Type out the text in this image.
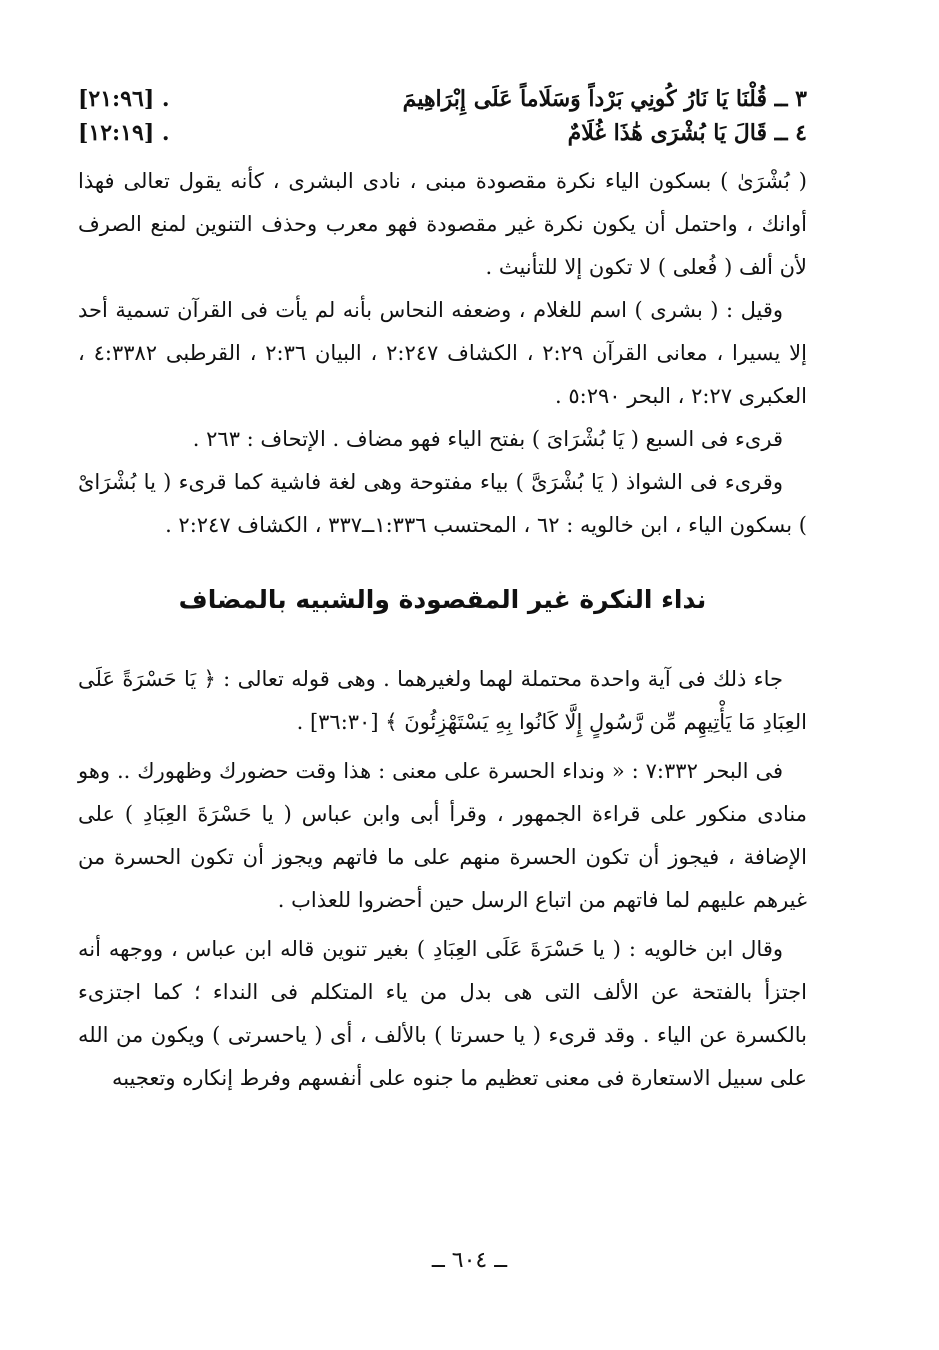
٣ ــ قُلْنَا يَا نَارُ كُونِي بَرْداً وَسَلَاماً عَلَى إِبْرَاهِيمَ
[٢١:٩٦] .
٤ ــ قَالَ يَا بُشْرَى هَٰذَا غُلَامٌ
[١٢:١٩] .

( بُشْرَىٰ ) بسكون الياء نكرة مقصودة مبنى ، نادى البشرى ، كأنه يقول تعالى فهذا أوانك ، واحتمل أن يكون نكرة غير مقصودة فهو معرب وحذف التنوين لمنع الصرف لأن ألف ( فُعلى ) لا تكون إلا للتأنيث .

وقيل : ( بشرى ) اسم للغلام ، وضعفه النحاس بأنه لم يأت فى القرآن تسمية أحد إلا يسيرا ، معانى القرآن ٢:٢٩ ، الكشاف ٢:٢٤٧ ، البيان ٢:٣٦ ، القرطبى ٤:٣٣٨٢ ، العكبرى ٢:٢٧ ، البحر ٥:٢٩٠ .

قرىء فى السبع ( يَا بُشْرَاىَ ) بفتح الياء فهو مضاف . الإتحاف : ٢٦٣ .

وقرىء فى الشواذ ( يَا بُشْرَىَّ ) بياء مفتوحة وهى لغة فاشية كما قرىء ( يا بُشْرَاىْ ) بسكون الياء ، ابن خالويه : ٦٢ ، المحتسب ١:٣٣٦ــ٣٣٧ ، الكشاف ٢:٢٤٧ .

نداء النكرة غير المقصودة والشبيه بالمضاف

جاء ذلك فى آية واحدة محتملة لهما ولغيرهما . وهى قوله تعالى : ﴿ يَا حَسْرَةً عَلَى العِبَادِ مَا يَأْتِيهِم مِّن رَّسُولٍ إِلَّا كَانُوا بِهِ يَسْتَهْزِئُونَ ﴾ [٣٦:٣٠] .

فى البحر ٧:٣٣٢ : « ونداء الحسرة على معنى : هذا وقت حضورك وظهورك .. وهو منادى منكور على قراءة الجمهور ، وقرأ أبى وابن عباس ( يا حَسْرَةَ العِبَادِ ) على الإضافة ، فيجوز أن تكون الحسرة منهم على ما فاتهم ويجوز أن تكون الحسرة من غيرهم عليهم لما فاتهم من اتباع الرسل حين أحضروا للعذاب .

وقال ابن خالويه : ( يا حَسْرَةَ عَلَى العِبَادِ ) بغير تنوين قاله ابن عباس ، ووجهه أنه اجتزأ بالفتحة عن الألف التى هى بدل من ياء المتكلم فى النداء ؛ كما اجتزىء بالكسرة عن الياء . وقد قرىء ( يا حسرتا ) بالألف ، أى ( ياحسرتى ) ويكون من الله على سبيل الاستعارة فى معنى تعظيم ما جنوه على أنفسهم وفرط إنكاره وتعجيبه

ــ ٦٠٤ ــ
